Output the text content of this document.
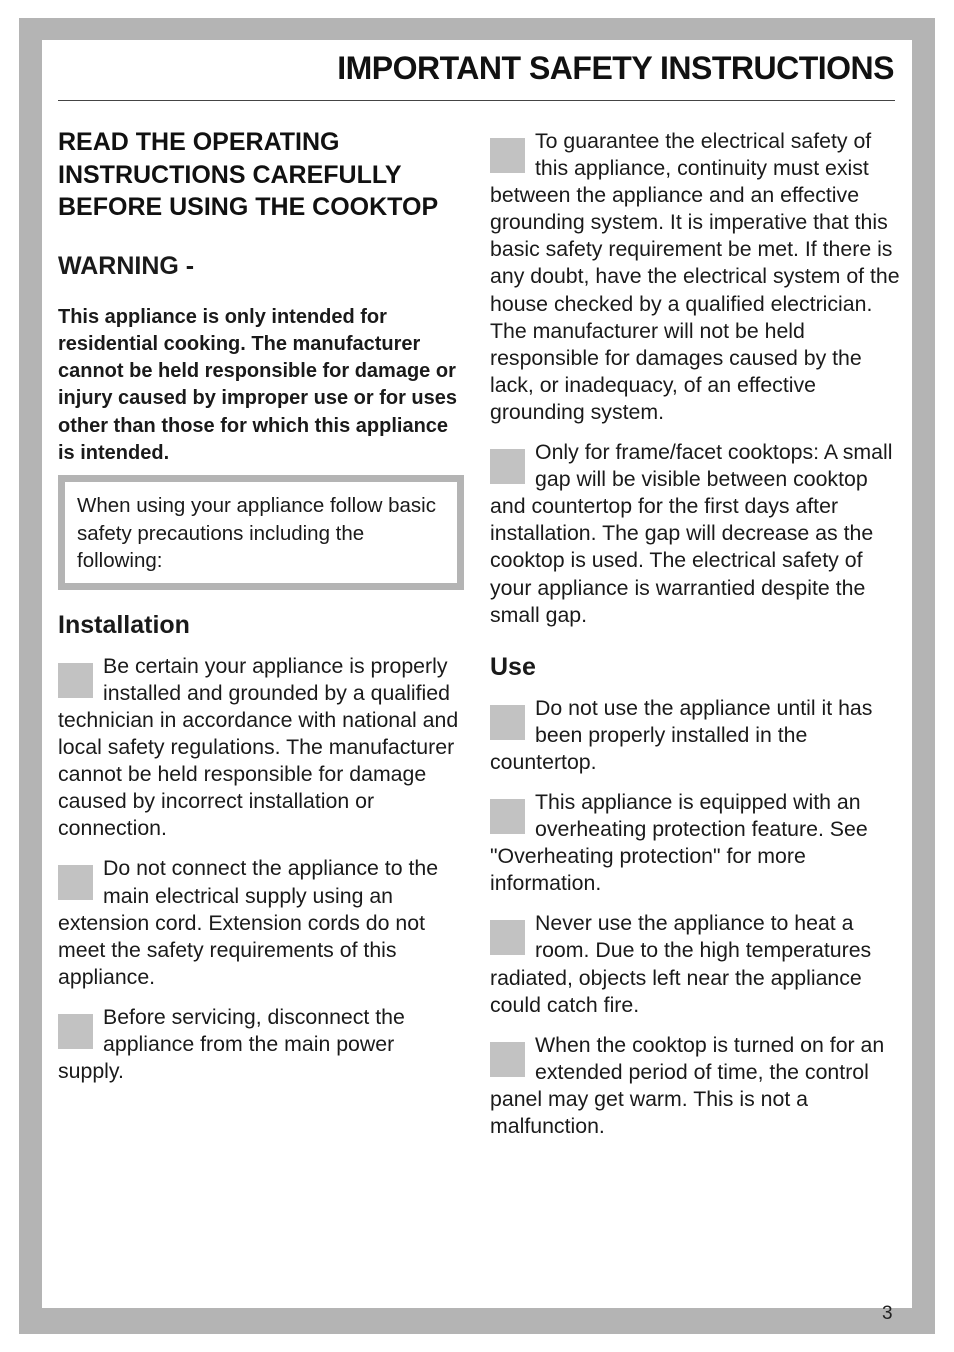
IMPORTANT SAFETY INSTRUCTIONS
READ THE OPERATING INSTRUCTIONS CAREFULLY BEFORE USING THE COOKTOP
WARNING -

This appliance is only intended for residential cooking. The manufacturer cannot be held responsible for damage or injury caused by improper use or for uses other than those for which this appliance is intended.

When using your appliance follow basic safety precautions including the following:
Installation

Be certain your appliance is properly installed and grounded by a qualified technician in accordance with national and local safety regulations. The manufacturer cannot be held responsible for damage caused by incorrect installation or connection.

Do not connect the appliance to the main electrical supply using an extension cord. Extension cords do not meet the safety requirements of this appliance.

Before servicing, disconnect the appliance from the main power supply.

To guarantee the electrical safety of this appliance, continuity must exist between the appliance and an effective grounding system. It is imperative that this basic safety requirement be met. If there is any doubt, have the electrical system of the house checked by a qualified electrician. The manufacturer will not be held responsible for damages caused by the lack, or inadequacy, of an effective grounding system.

Only for frame/facet cooktops: A small gap will be visible between cooktop and countertop for the first days after installation. The gap will decrease as the cooktop is used. The electrical safety of your appliance is warrantied despite the small gap.

Use

Do not use the appliance until it has been properly installed in the countertop.

This appliance is equipped with an overheating protection feature. See "Overheating protection" for more information.

Never use the appliance to heat a room. Due to the high temperatures radiated, objects left near the appliance could catch fire.

When the cooktop is turned on for an extended period of time, the control panel may get warm. This is not a malfunction.

3
